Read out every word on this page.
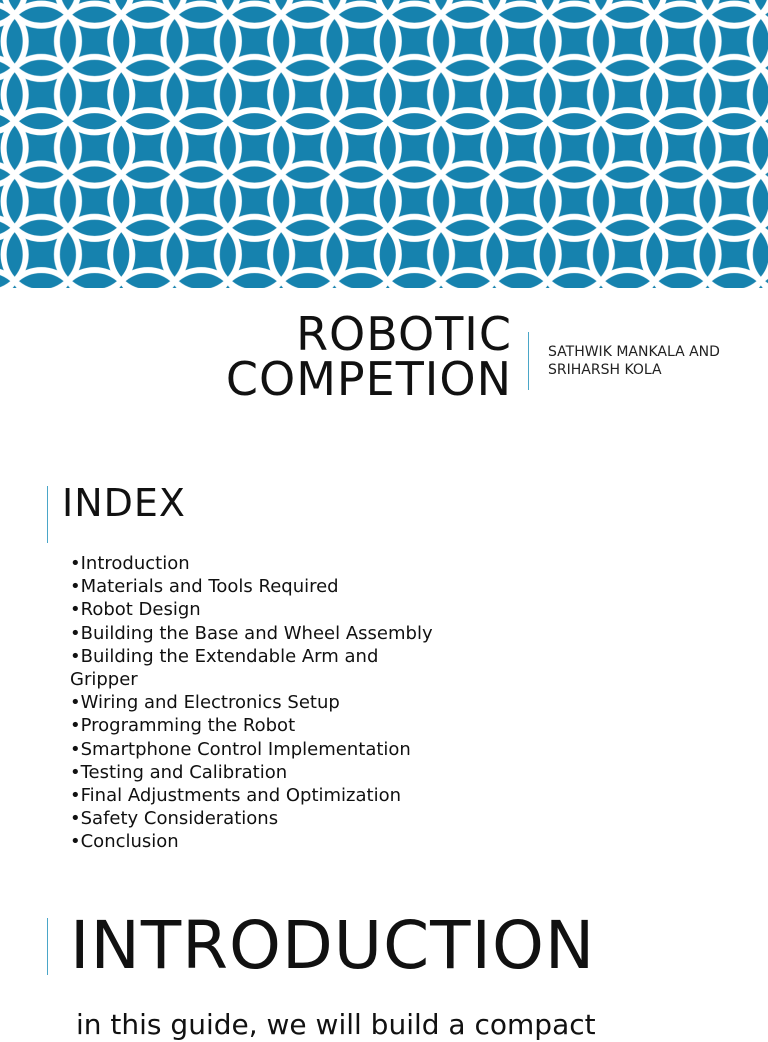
ROBOTIC
COMPETION	SATHWIK MANKALA AND
SRIHARSH KOLA
INDEX
•Introduction
•Materials and Tools Required
•Robot Design
•Building the Base and Wheel Assembly
•Building the Extendable Arm and Gripper
•Wiring and Electronics Setup
•Programming the Robot
•Smartphone Control Implementation
•Testing and Calibration
•Final Adjustments and Optimization
•Safety Considerations
•Conclusion
INTRODUCTION
in this guide, we will build a compact
